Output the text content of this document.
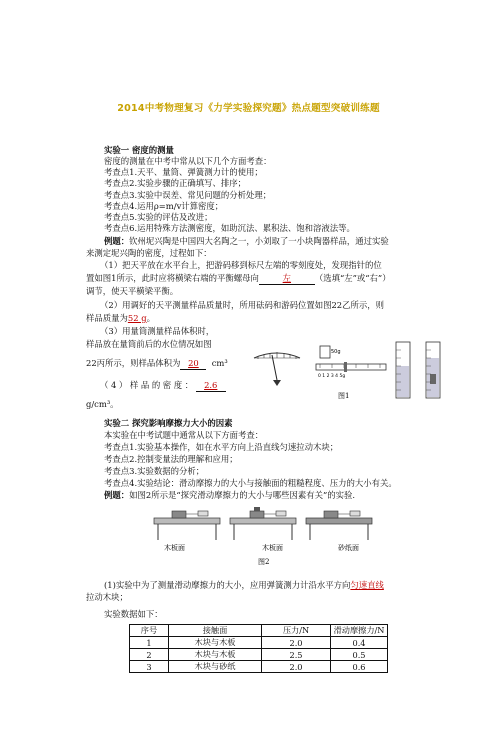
2014中考物理复习《力学实验探究题》热点题型突破训练题
实验一 密度的测量
密度的测量在中考中常从以下几个方面考查：
考查点1.天平、量筒、弹簧测力计的使用；
考查点2.实验步骤的正确填写、排序；
考查点3.实验中误差、常见问题的分析处理；
考查点4.运用ρ=m/v计算密度；
考查点5.实验的评估及改进；
考查点6.运用特殊方法测密度，如助沉法、累积法、饱和溶液法等。
例题：钦州坭兴陶是中国四大名陶之一，小刘取了一小块陶器样品，通过实验
来测定坭兴陶的密度，过程如下：
（1）把天平放在水平台上，把游码移到标尺左端的零刻度处，发现指针的位
置如图1所示，此时应将横梁右端的平衡螺母向	左	（选填“左”或“右”）
调节，使天平横梁平衡。
（2）用调好的天平测量样品质量时，所用砝码和游码位置如图22乙所示，则
样品质量为52 g。
（3）用量筒测量样品体积时，
样品放在量筒前后的水位情况如图
22丙所示，则样品体积为 20 cm³
（4）样品的密度： 2.6
g/cm³。
50g
0 1 2 3 4 5g
图1
实验二 探究影响摩擦力大小的因素
本实验在中考试题中通常从以下方面考查：
考查点1.实验基本操作，如在水平方向上沿直线匀速拉动木块；
考查点2.控制变量法的理解和应用；
考查点3.实验数据的分析；
考查点4.实验结论：滑动摩擦力的大小与接触面的粗糙程度、压力的大小有关。
例题：如图2所示是“探究滑动摩擦力的大小与哪些因素有关”的实验.
木板面	木板面	砂纸面
图2
(1)实验中为了测量滑动摩擦力的大小，应用弹簧测力计沿水平方向匀速直线
拉动木块；
实验数据如下：
序号	接触面	压力/N	滑动摩擦力/N
1	木块与木板	2.0	0.4
2	木块与木板	2.5	0.5
3	木块与砂纸	2.0	0.6
